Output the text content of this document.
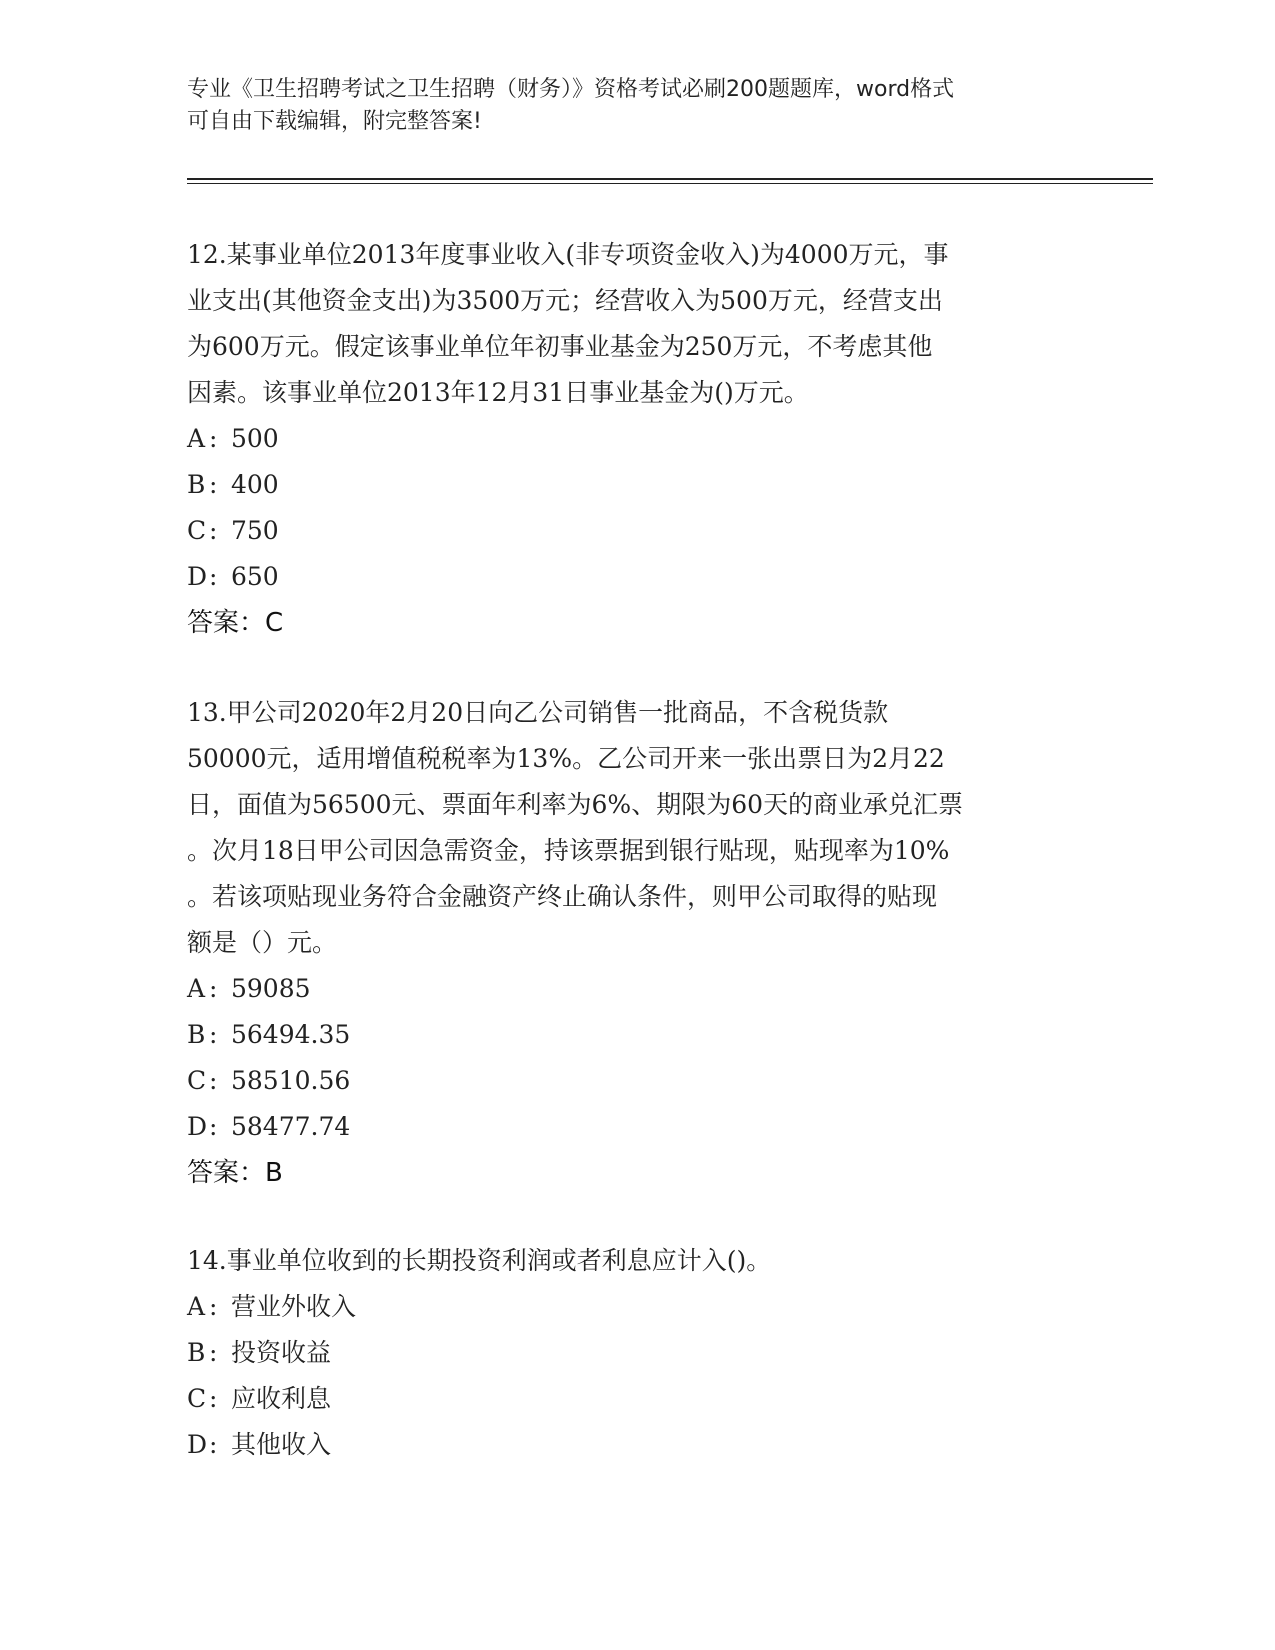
专业《卫生招聘考试之卫生招聘（财务）》资格考试必刷200题题库，word格式
可自由下载编辑，附完整答案!
12.某事业单位2013年度事业收入(非专项资金收入)为4000万元，事
业支出(其他资金支出)为3500万元；经营收入为500万元，经营支出
为600万元。假定该事业单位年初事业基金为250万元，不考虑其他
因素。该事业单位2013年12月31日事业基金为()万元。
A : 500
B : 400
C : 750
D: 650
答案：C
13.甲公司2020年2月20日向乙公司销售一批商品，不含税货款
50000元，适用增值税税率为13%。乙公司开来一张出票日为2月22
日，面值为56500元、票面年利率为6%、期限为60天的商业承兑汇票
。次月18日甲公司因急需资金，持该票据到银行贴现，贴现率为10%
。若该项贴现业务符合金融资产终止确认条件，则甲公司取得的贴现
额是（）元。
A : 59085
B : 56494.35
C : 58510.56
D: 58477.74
答案：B
14.事业单位收到的长期投资利润或者利息应计入()。
A : 营业外收入
B : 投资收益
C : 应收利息
D: 其他收入
